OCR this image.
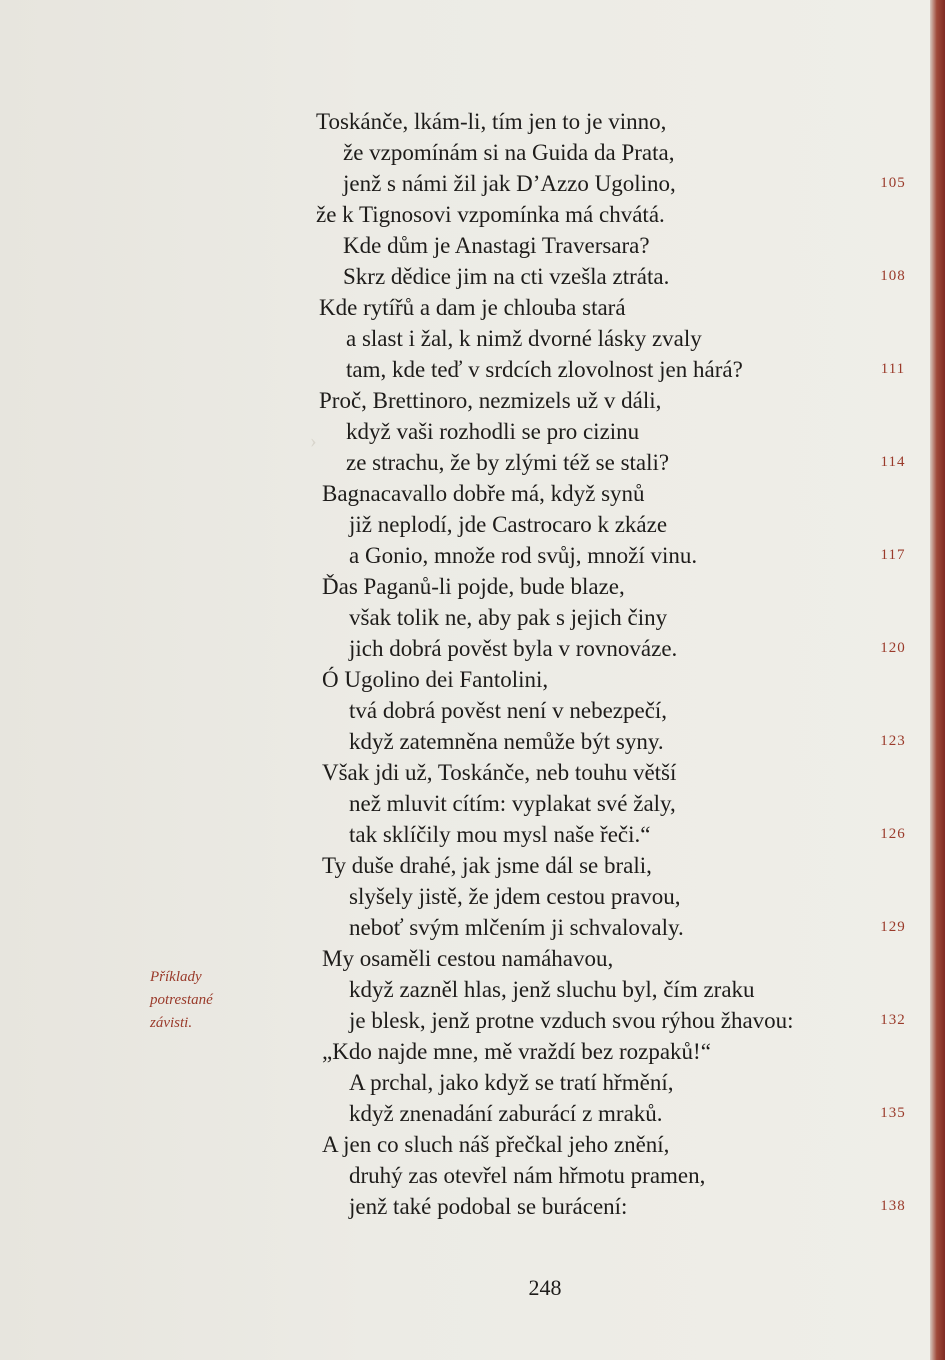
›
Toskánče, lkám-li, tím jen to je vinno,
že vzpomínám si na Guida da Prata,
jenž s námi žil jak D’Azzo Ugolino,	105
že k Tignosovi vzpomínka má chvátá.
Kde dům je Anastagi Traversara?
Skrz dědice jim na cti vzešla ztráta.	108
Kde rytířů a dam je chlouba stará
a slast i žal, k nimž dvorné lásky zvaly
tam, kde teď v srdcích zlovolnost jen hárá?	111
Proč, Brettinoro, nezmizels už v dáli,
když vaši rozhodli se pro cizinu
ze strachu, že by zlými též se stali?	114
Bagnacavallo dobře má, když synů
již neplodí, jde Castrocaro k zkáze
a Gonio, množe rod svůj, množí vinu.	117
Ďas Paganů-li pojde, bude blaze,
však tolik ne, aby pak s jejich činy
jich dobrá pověst byla v rovnováze.	120
Ó Ugolino dei Fantolini,
tvá dobrá pověst není v nebezpečí,
když zatemněna nemůže být syny.	123
Však jdi už, Toskánče, neb touhu větší
než mluvit cítím: vyplakat své žaly,
tak sklíčily mou mysl naše řeči.“	126
Ty duše drahé, jak jsme dál se brali,
slyšely jistě, že jdem cestou pravou,
neboť svým mlčením ji schvalovaly.	129
My osaměli cestou namáhavou,
když zazněl hlas, jenž sluchu byl, čím zraku
je blesk, jenž protne vzduch svou rýhou žhavou:	132
„Kdo najde mne, mě vraždí bez rozpaků!“
A prchal, jako když se tratí hřmění,
když znenadání zaburácí z mraků.	135
A jen co sluch náš přečkal jeho znění,
druhý zas otevřel nám hřmotu pramen,
jenž také podobal se burácení:	138
Příklady
potrestané
závisti.
248
